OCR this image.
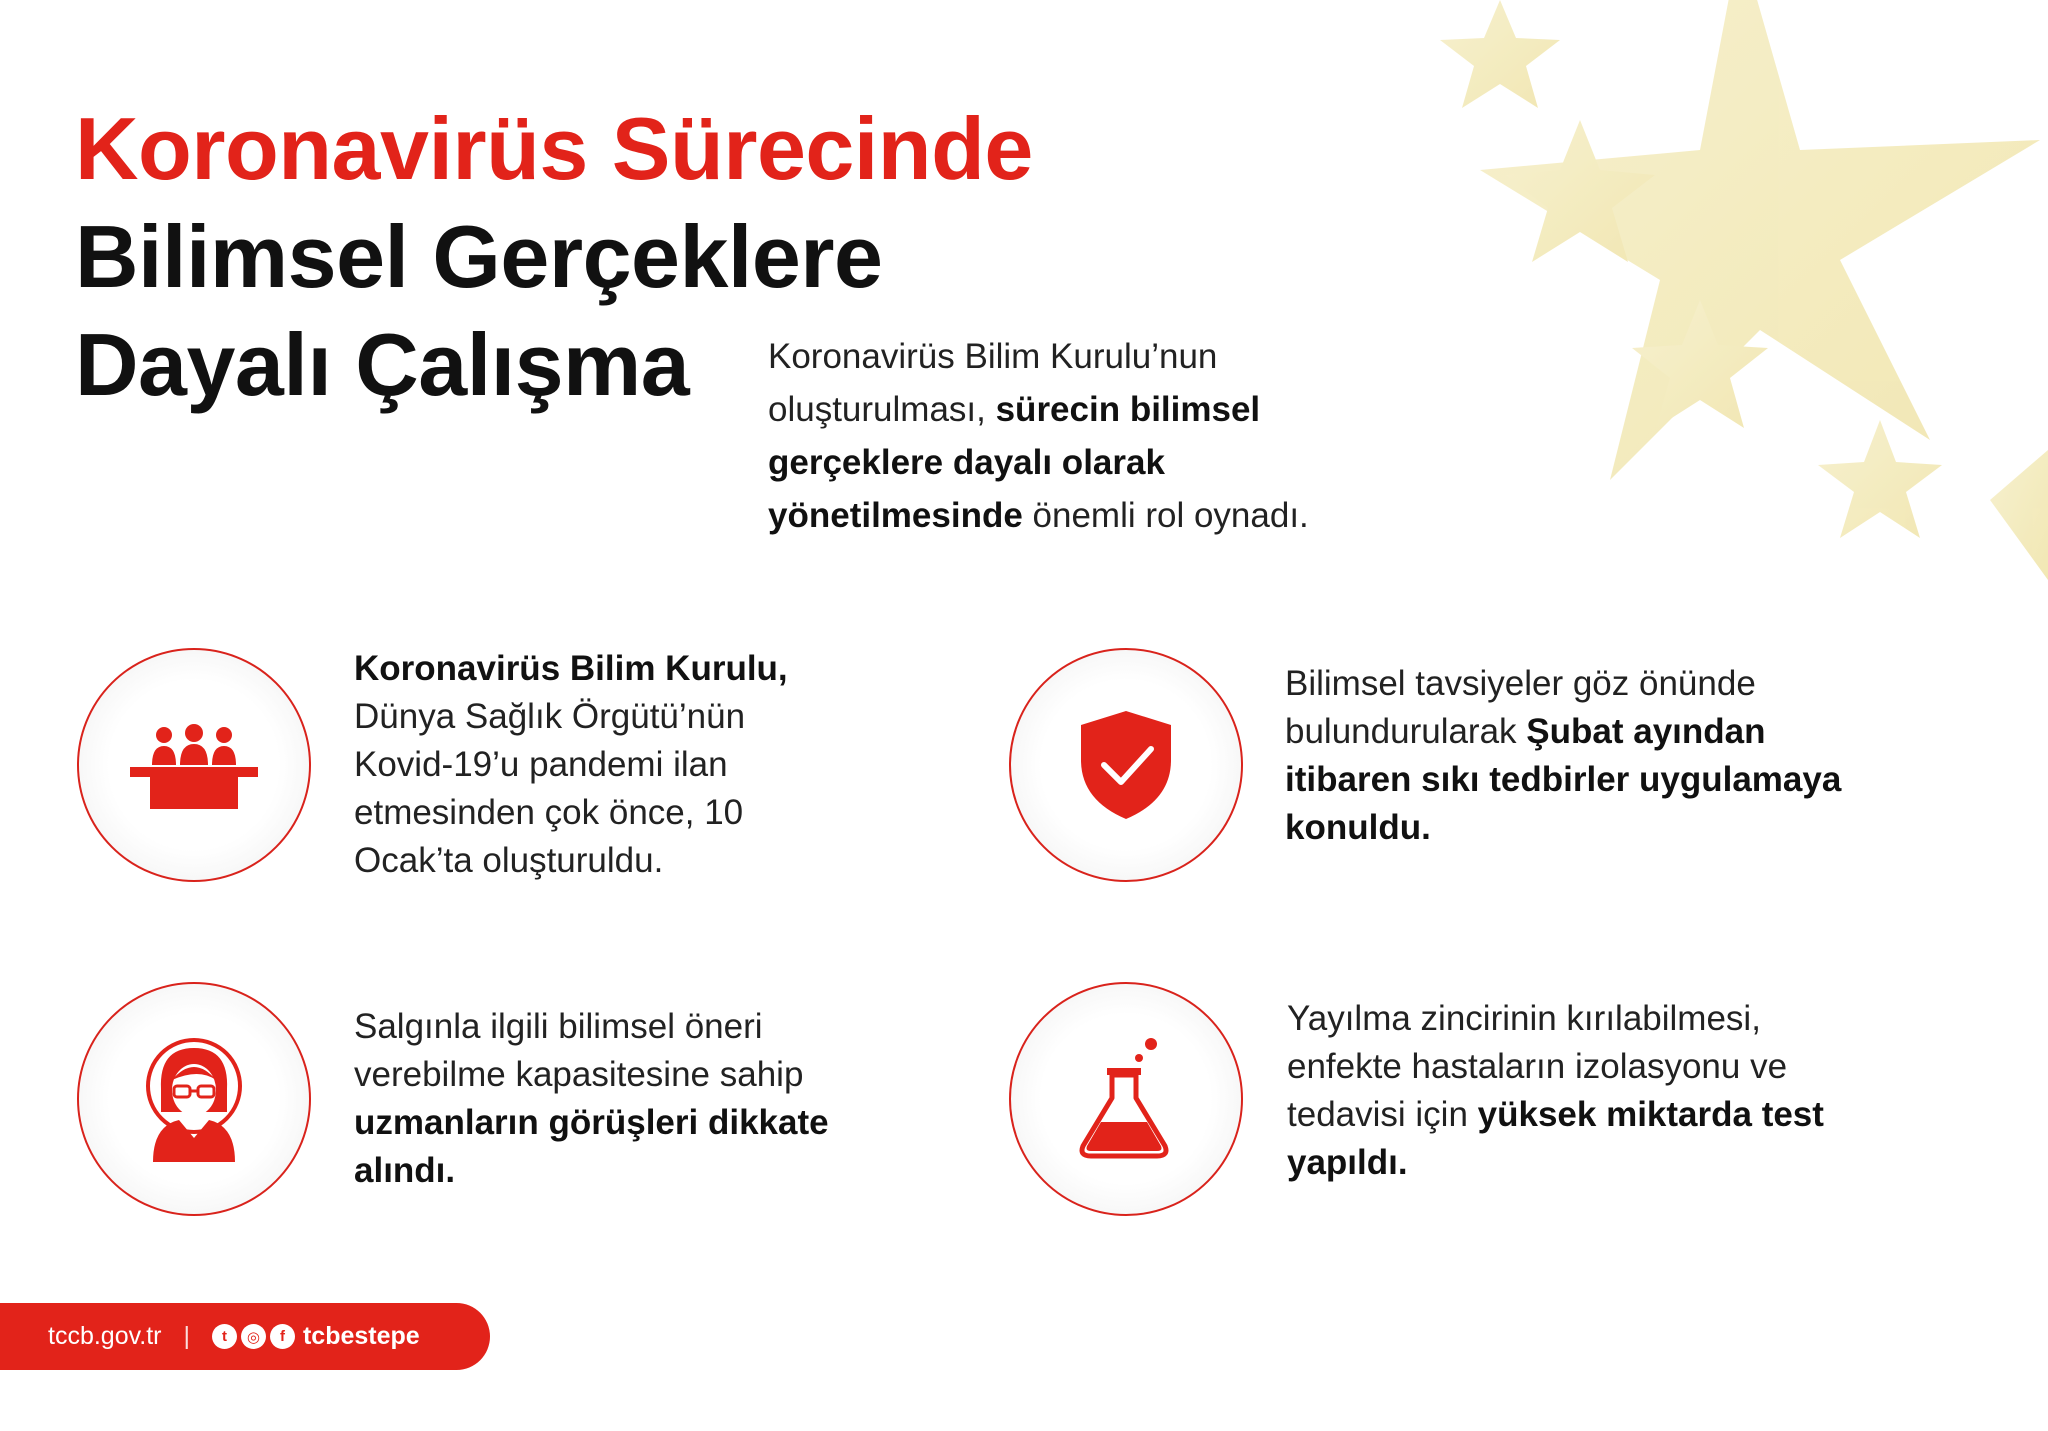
Koronavirüs Sürecinde
Bilimsel Gerçeklere
Dayalı Çalışma	Koronavirüs Bilim Kurulu’nun oluşturulması, sürecin bilimsel gerçeklere dayalı olarak yönetilmesinde önemli rol oynadı.
Koronavirüs Bilim Kurulu, Dünya Sağlık Örgütü’nün Kovid-19’u pandemi ilan etmesinden çok önce, 10 Ocak’ta oluşturuldu.
Bilimsel tavsiyeler göz önünde bulundurularak Şubat ayından itibaren sıkı tedbirler uygulamaya konuldu.
Salgınla ilgili bilimsel öneri verebilme kapasitesine sahip uzmanların görüşleri dikkate alındı.
Yayılma zincirinin kırılabilmesi, enfekte hastaların izolasyonu ve tedavisi için yüksek miktarda test yapıldı.
tccb.gov.tr |	t	◎	f tcbestepe
